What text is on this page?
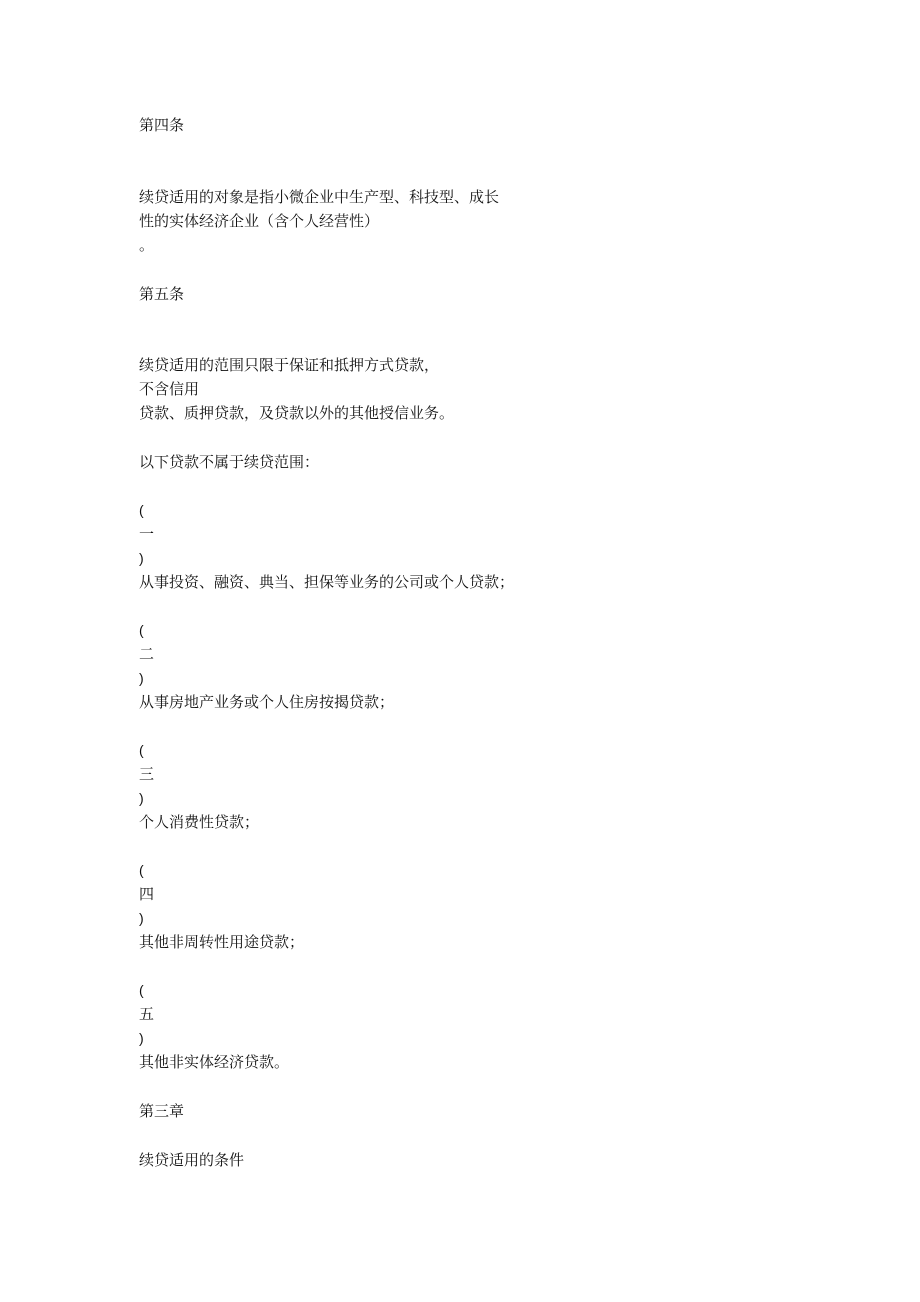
第四条
续贷适用的对象是指小微企业中生产型、科技型、成长
性的实体经济企业（含个人经营性）
。
第五条
续贷适用的范围只限于保证和抵押方式贷款，
不含信用
贷款、质押贷款，及贷款以外的其他授信业务。
以下贷款不属于续贷范围：
(
一
)
从事投资、融资、典当、担保等业务的公司或个人贷款；
(
二
)
从事房地产业务或个人住房按揭贷款；
(
三
)
个人消费性贷款；
(
四
)
其他非周转性用途贷款；
(
五
)
其他非实体经济贷款。
第三章
续贷适用的条件
